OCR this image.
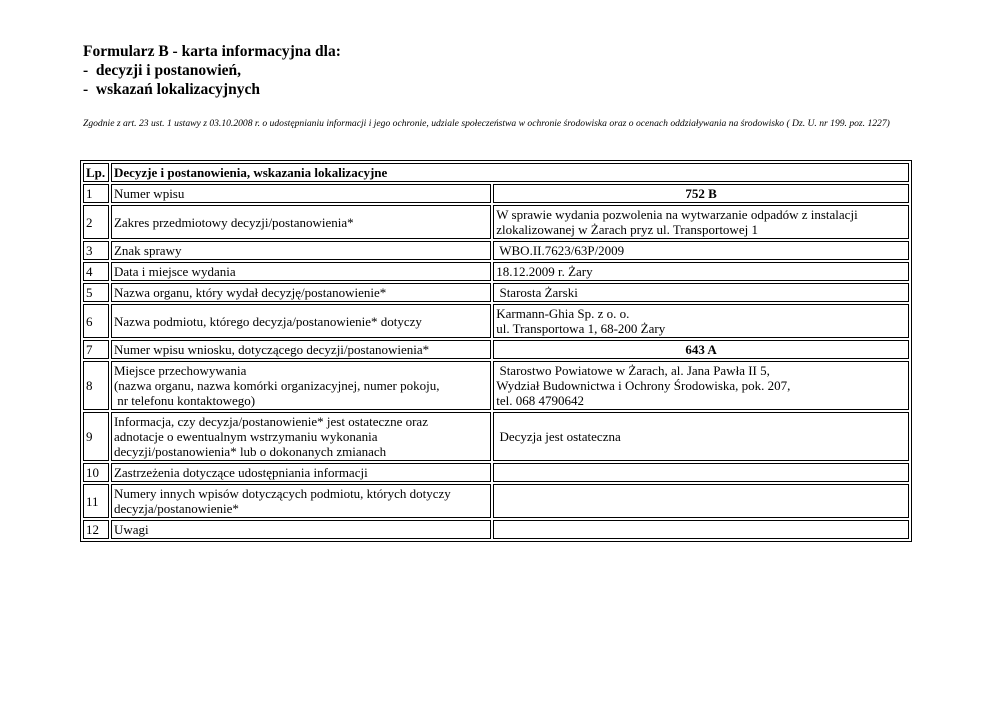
Formularz B - karta informacyjna dla:
-  decyzji i postanowień,
-  wskazań lokalizacyjnych
Zgodnie z art. 23 ust. 1 ustawy z 03.10.2008 r. o udostępnianiu informacji i jego ochronie, udziale społeczeństwa w ochronie środowiska oraz o ocenach oddziaływania na środowisko ( Dz. U. nr 199. poz. 1227)
Lp.	Decyzje i postanowienia, wskazania lokalizacyjne	
1	Numer wpisu	752 B

2	Zakres przedmiotowy decyzji/postanowienia*	W sprawie wydania pozwolenia na wytwarzanie odpadów z instalacji
zlokalizowanej w Żarach pryz ul. Transportowej 1

3	Znak sprawy	WBO.II.7623/63P/2009

4	Data i miejsce wydania	18.12.2009 r. Żary

5	Nazwa organu, który wydał decyzję/postanowienie*	Starosta Żarski

6	Nazwa podmiotu, którego decyzja/postanowienie* dotyczy	Karmann-Ghia Sp. z o. o.
ul. Transportowa 1, 68-200 Żary

7	Numer wpisu wniosku, dotyczącego decyzji/postanowienia*	643 A

8	Miejsce przechowywania
(nazwa organu, nazwa komórki organizacyjnej, numer pokoju,
nr telefonu kontaktowego)	Starostwo Powiatowe w Żarach, al. Jana Pawła II 5,
Wydział Budownictwa i Ochrony Środowiska, pok. 207,
tel. 068 4790642

9	Informacja, czy decyzja/postanowienie* jest ostateczne oraz
adnotacje o ewentualnym wstrzymaniu wykonania
decyzji/postanowienia* lub o dokonanych zmianach	Decyzja jest ostateczna

10	Zastrzeżenia dotyczące udostępniania informacji	

11	Numery innych wpisów dotyczących podmiotu, których dotyczy
decyzja/postanowienie*	

12	Uwagi	
